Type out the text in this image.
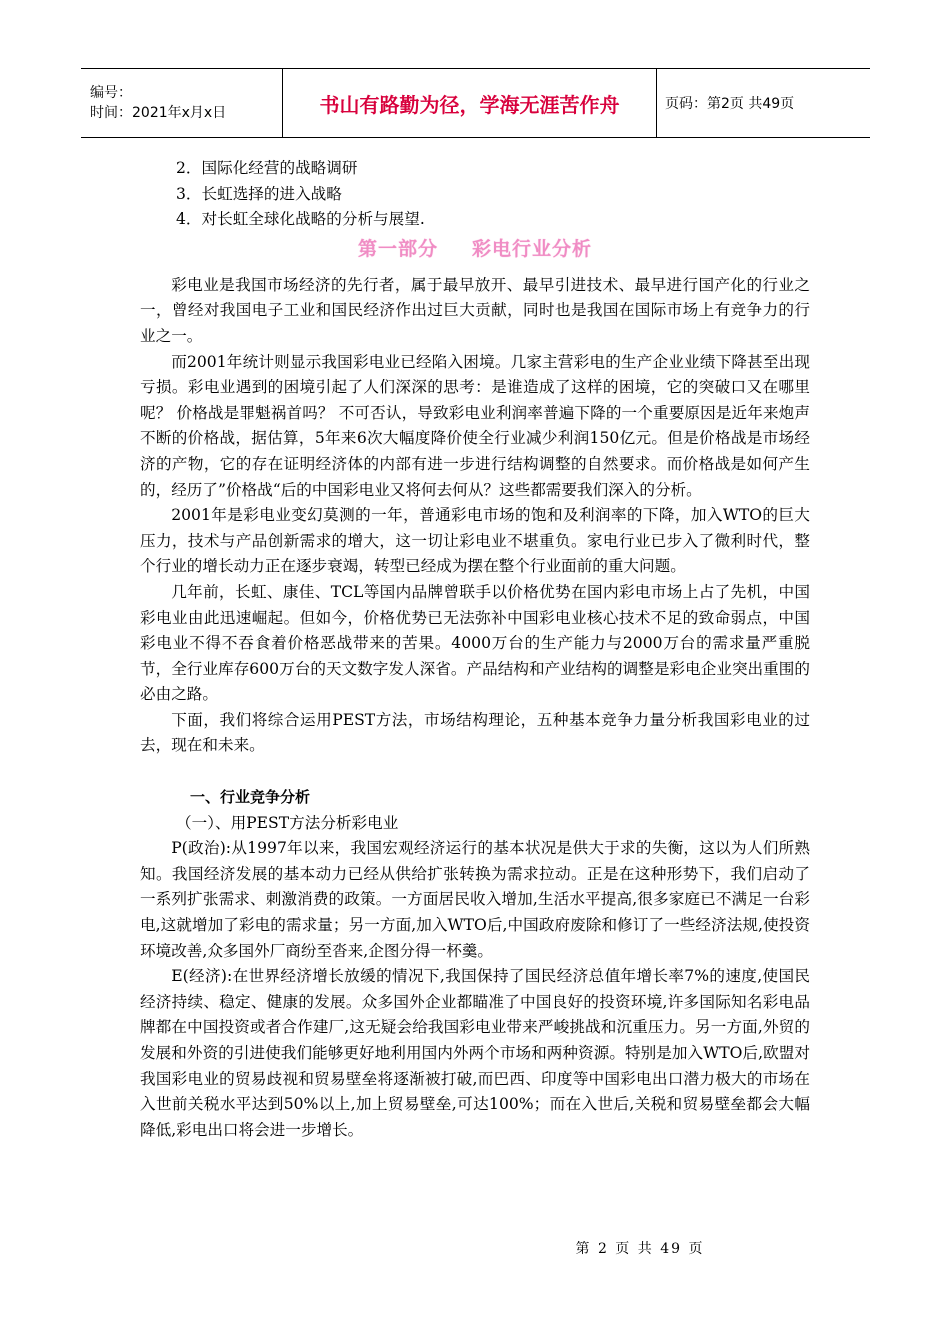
编号：
时间：2021年x月x日	书山有路勤为径，学海无涯苦作舟	页码：第2页 共49页
2．国际化经营的战略调研
3．长虹选择的进入战略
4．对长虹全球化战略的分析与展望.
第一部分 彩电行业分析

彩电业是我国市场经济的先行者，属于最早放开、最早引进技术、最早进行国产化的行业之一，曾经对我国电子工业和国民经济作出过巨大贡献，同时也是我国在国际市场上有竞争力的行业之一。

而2001年统计则显示我国彩电业已经陷入困境。几家主营彩电的生产企业业绩下降甚至出现亏损。彩电业遇到的困境引起了人们深深的思考：是谁造成了这样的困境，它的突破口又在哪里呢？ 价格战是罪魁祸首吗？ 不可否认，导致彩电业利润率普遍下降的一个重要原因是近年来炮声不断的价格战，据估算，5年来6次大幅度降价使全行业减少利润150亿元。但是价格战是市场经济的产物，它的存在证明经济体的内部有进一步进行结构调整的自然要求。而价格战是如何产生的，经历了”价格战“后的中国彩电业又将何去何从？这些都需要我们深入的分析。

2001年是彩电业变幻莫测的一年，普通彩电市场的饱和及利润率的下降，加入WTO的巨大压力，技术与产品创新需求的增大，这一切让彩电业不堪重负。家电行业已步入了微利时代，整个行业的增长动力正在逐步衰竭，转型已经成为摆在整个行业面前的重大问题。

几年前，长虹、康佳、TCL等国内品牌曾联手以价格优势在国内彩电市场上占了先机，中国彩电业由此迅速崛起。但如今，价格优势已无法弥补中国彩电业核心技术不足的致命弱点，中国彩电业不得不吞食着价格恶战带来的苦果。4000万台的生产能力与2000万台的需求量严重脱节，全行业库存600万台的天文数字发人深省。产品结构和产业结构的调整是彩电企业突出重围的必由之路。

下面，我们将综合运用PEST方法，市场结构理论，五种基本竞争力量分析我国彩电业的过去，现在和未来。

一、行业竞争分析
（一）、用PEST方法分析彩电业

P(政治):从1997年以来，我国宏观经济运行的基本状况是供大于求的失衡，这以为人们所熟知。我国经济发展的基本动力已经从供给扩张转换为需求拉动。正是在这种形势下，我们启动了一系列扩张需求、刺激消费的政策。一方面居民收入增加,生活水平提高,很多家庭已不满足一台彩电,这就增加了彩电的需求量；另一方面,加入WTO后,中国政府废除和修订了一些经济法规,使投资环境改善,众多国外厂商纷至沓来,企图分得一杯羹。

E(经济):在世界经济增长放缓的情况下,我国保持了国民经济总值年增长率7%的速度,使国民经济持续、稳定、健康的发展。众多国外企业都瞄准了中国良好的投资环境,许多国际知名彩电品牌都在中国投资或者合作建厂,这无疑会给我国彩电业带来严峻挑战和沉重压力。另一方面,外贸的发展和外资的引进使我们能够更好地利用国内外两个市场和两种资源。特别是加入WTO后,欧盟对我国彩电业的贸易歧视和贸易壁垒将逐渐被打破,而巴西、印度等中国彩电出口潜力极大的市场在入世前关税水平达到50%以上,加上贸易壁垒,可达100%；而在入世后,关税和贸易壁垒都会大幅降低,彩电出口将会进一步增长。

第 2 页 共 49 页
